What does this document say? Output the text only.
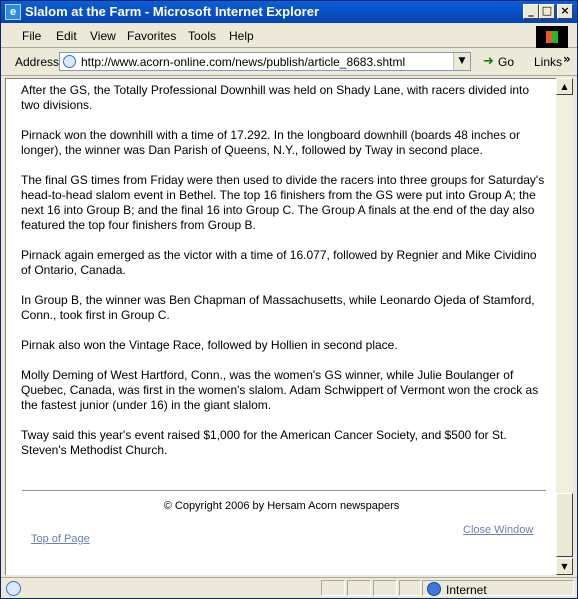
e Slalom at the Farm - Microsoft Internet Explorer	_ □ ×
File Edit View Favorites Tools Help
Address http://www.acorn-online.com/news/publish/article_8683.shtml	▼	➜ Go Links »

After the GS, the Totally Professional Downhill was held on Shady Lane, with racers divided into two divisions.

Pirnack won the downhill with a time of 17.292. In the longboard downhill (boards 48 inches or longer), the winner was Dan Parish of Queens, N.Y., followed by Tway in second place.

The final GS times from Friday were then used to divide the racers into three groups for Saturday's head-to-head slalom event in Bethel. The top 16 finishers from the GS were put into Group A; the next 16 into Group B; and the final 16 into Group C. The Group A finals at the end of the day also featured the top four finishers from Group B.

Pirnack again emerged as the victor with a time of 16.077, followed by Regnier and Mike Cividino of Ontario, Canada.

In Group B, the winner was Ben Chapman of Massachusetts, while Leonardo Ojeda of Stamford, Conn., took first in Group C.

Pirnak also won the Vintage Race, followed by Hollien in second place.

Molly Deming of West Hartford, Conn., was the women's GS winner, while Julie Boulanger of Quebec, Canada, was first in the women's slalom. Adam Schwippert of Vermont won the crock as the fastest junior (under 16) in the giant slalom.

Tway said this year's event raised $1,000 for the American Cancer Society, and $500 for St. Steven's Methodist Church.

© Copyright 2006 by Hersam Acorn newspapers
Close Window
Top of Page
▲
▼
Internet
